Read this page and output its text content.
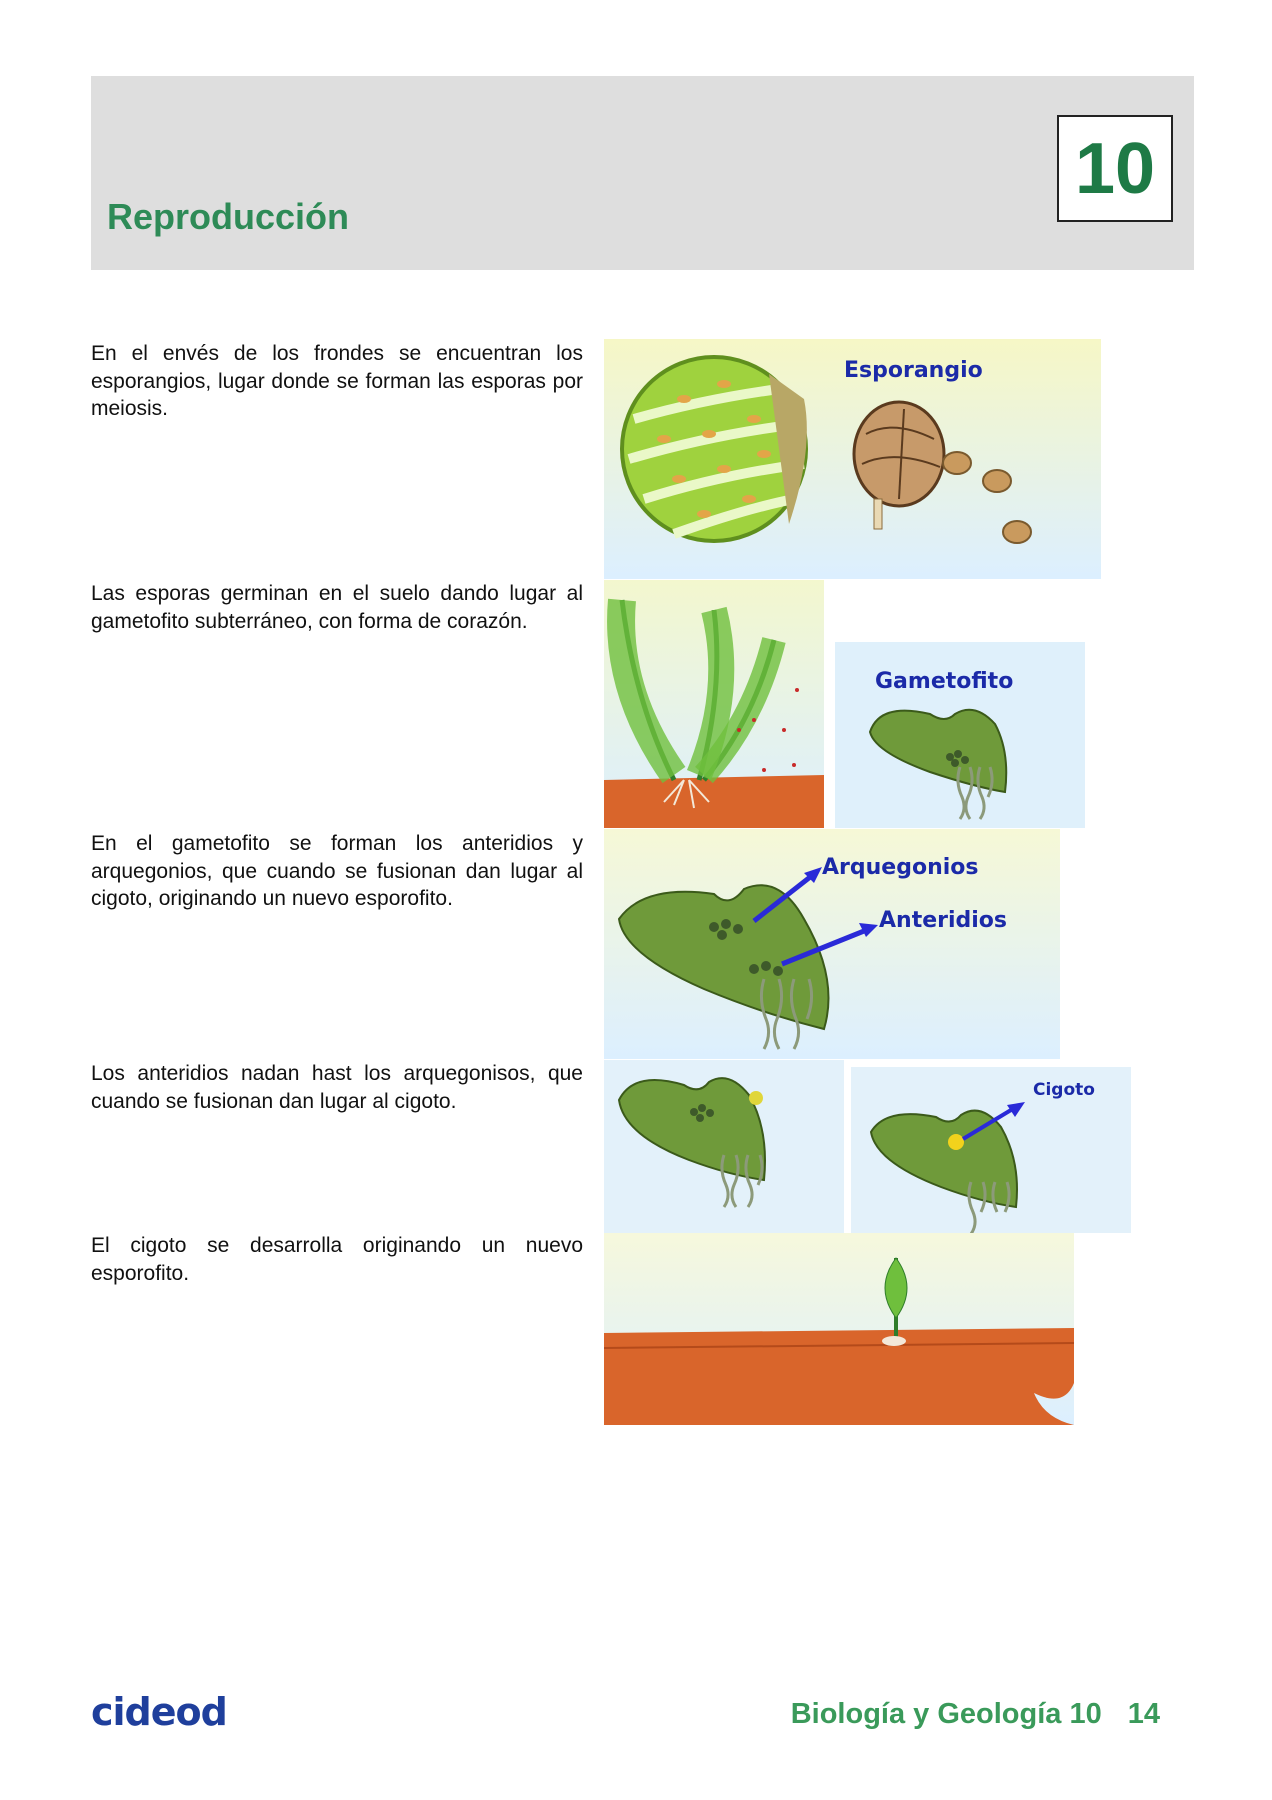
Reproducción
10

En el envés de los frondes se encuentran los esporangios, lugar donde se forman las esporas por meiosis.

Las esporas germinan en el suelo dando lugar al gametofito subterráneo, con forma de corazón.

En el gametofito se forman los anteridios y arquegonios, que cuando se fusionan dan lugar al cigoto, originando un nuevo esporofito.

Los anteridios nadan hast los arquegonisos, que cuando se fusionan dan lugar al cigoto.

El cigoto se desarrolla originando un nuevo esporofito.

Esporangio
Gametofito
Arquegonios
Anteridios
Cigoto
cideod	Biología y Geología 10 14
